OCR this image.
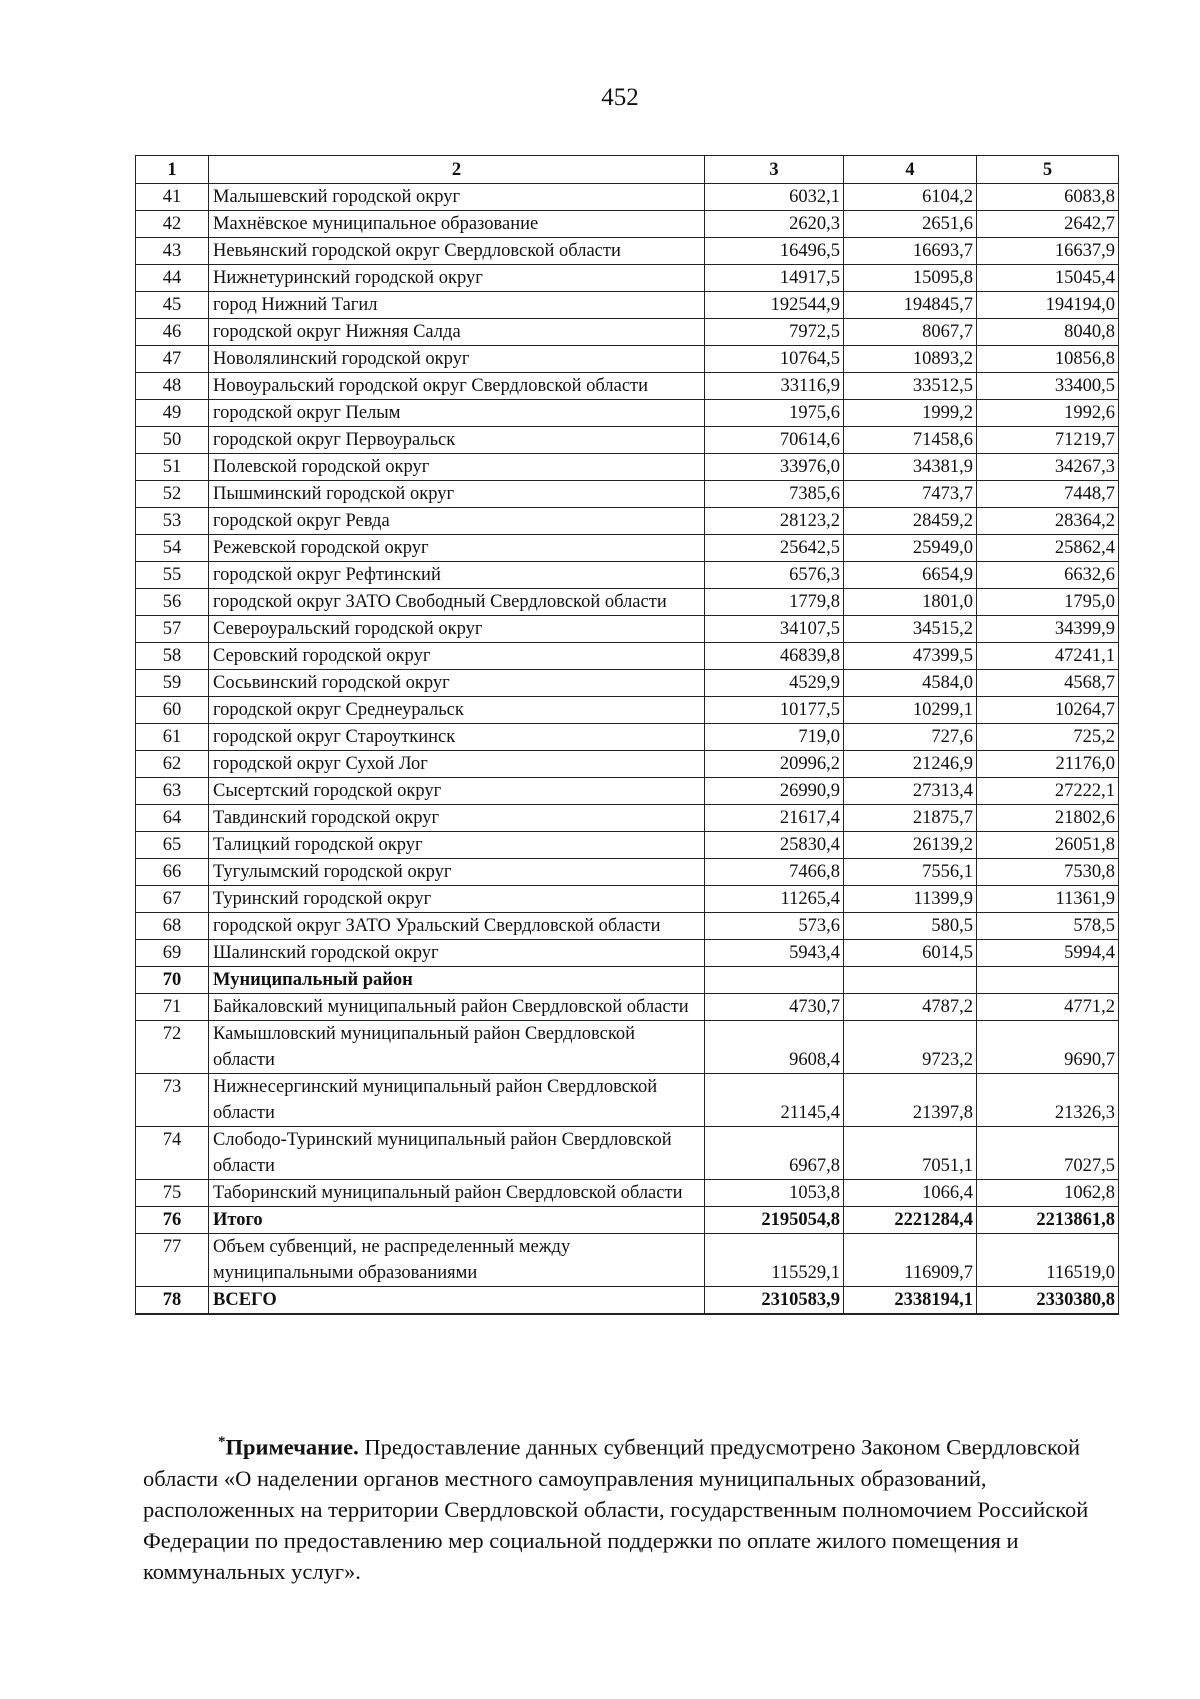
452
1	2	3	4	5
41	Малышевский городской округ	6032,1	6104,2	6083,8
42	Махнёвское муниципальное образование	2620,3	2651,6	2642,7
43	Невьянский городской округ Свердловской области	16496,5	16693,7	16637,9
44	Нижнетуринский городской округ	14917,5	15095,8	15045,4
45	город Нижний Тагил	192544,9	194845,7	194194,0
46	городской округ Нижняя Салда	7972,5	8067,7	8040,8
47	Новолялинский городской округ	10764,5	10893,2	10856,8
48	Новоуральский городской округ Свердловской области	33116,9	33512,5	33400,5
49	городской округ Пелым	1975,6	1999,2	1992,6
50	городской округ Первоуральск	70614,6	71458,6	71219,7
51	Полевской городской округ	33976,0	34381,9	34267,3
52	Пышминский городской округ	7385,6	7473,7	7448,7
53	городской округ Ревда	28123,2	28459,2	28364,2
54	Режевской городской округ	25642,5	25949,0	25862,4
55	городской округ Рефтинский	6576,3	6654,9	6632,6
56	городской округ ЗАТО Свободный Свердловской области	1779,8	1801,0	1795,0
57	Североуральский городской округ	34107,5	34515,2	34399,9
58	Серовский городской округ	46839,8	47399,5	47241,1
59	Сосьвинский городской округ	4529,9	4584,0	4568,7
60	городской округ Среднеуральск	10177,5	10299,1	10264,7
61	городской округ Староуткинск	719,0	727,6	725,2
62	городской округ Сухой Лог	20996,2	21246,9	21176,0
63	Сысертский городской округ	26990,9	27313,4	27222,1
64	Тавдинский городской округ	21617,4	21875,7	21802,6
65	Талицкий городской округ	25830,4	26139,2	26051,8
66	Тугулымский городской округ	7466,8	7556,1	7530,8
67	Туринский городской округ	11265,4	11399,9	11361,9
68	городской округ ЗАТО Уральский Свердловской области	573,6	580,5	578,5
69	Шалинский городской округ	5943,4	6014,5	5994,4
70	Муниципальный район			
71	Байкаловский муниципальный район Свердловской области	4730,7	4787,2	4771,2
72	Камышловский муниципальный район Свердловской области	9608,4	9723,2	9690,7
73	Нижнесергинский муниципальный район Свердловской области	21145,4	21397,8	21326,3
74	Слободо-Туринский муниципальный район Свердловской области	6967,8	7051,1	7027,5
75	Таборинский муниципальный район Свердловской области	1053,8	1066,4	1062,8
76	Итого	2195054,8	2221284,4	2213861,8
77	Объем субвенций, не распределенный между муниципальными образованиями	115529,1	116909,7	116519,0
78	ВСЕГО	2310583,9	2338194,1	2330380,8

*Примечание. Предоставление данных субвенций предусмотрено Законом Свердловской области «О наделении органов местного самоуправления муниципальных образований, расположенных на территории Свердловской области, государственным полномочием Российской Федерации по предоставлению мер социальной поддержки по оплате жилого помещения и коммунальных услуг».
